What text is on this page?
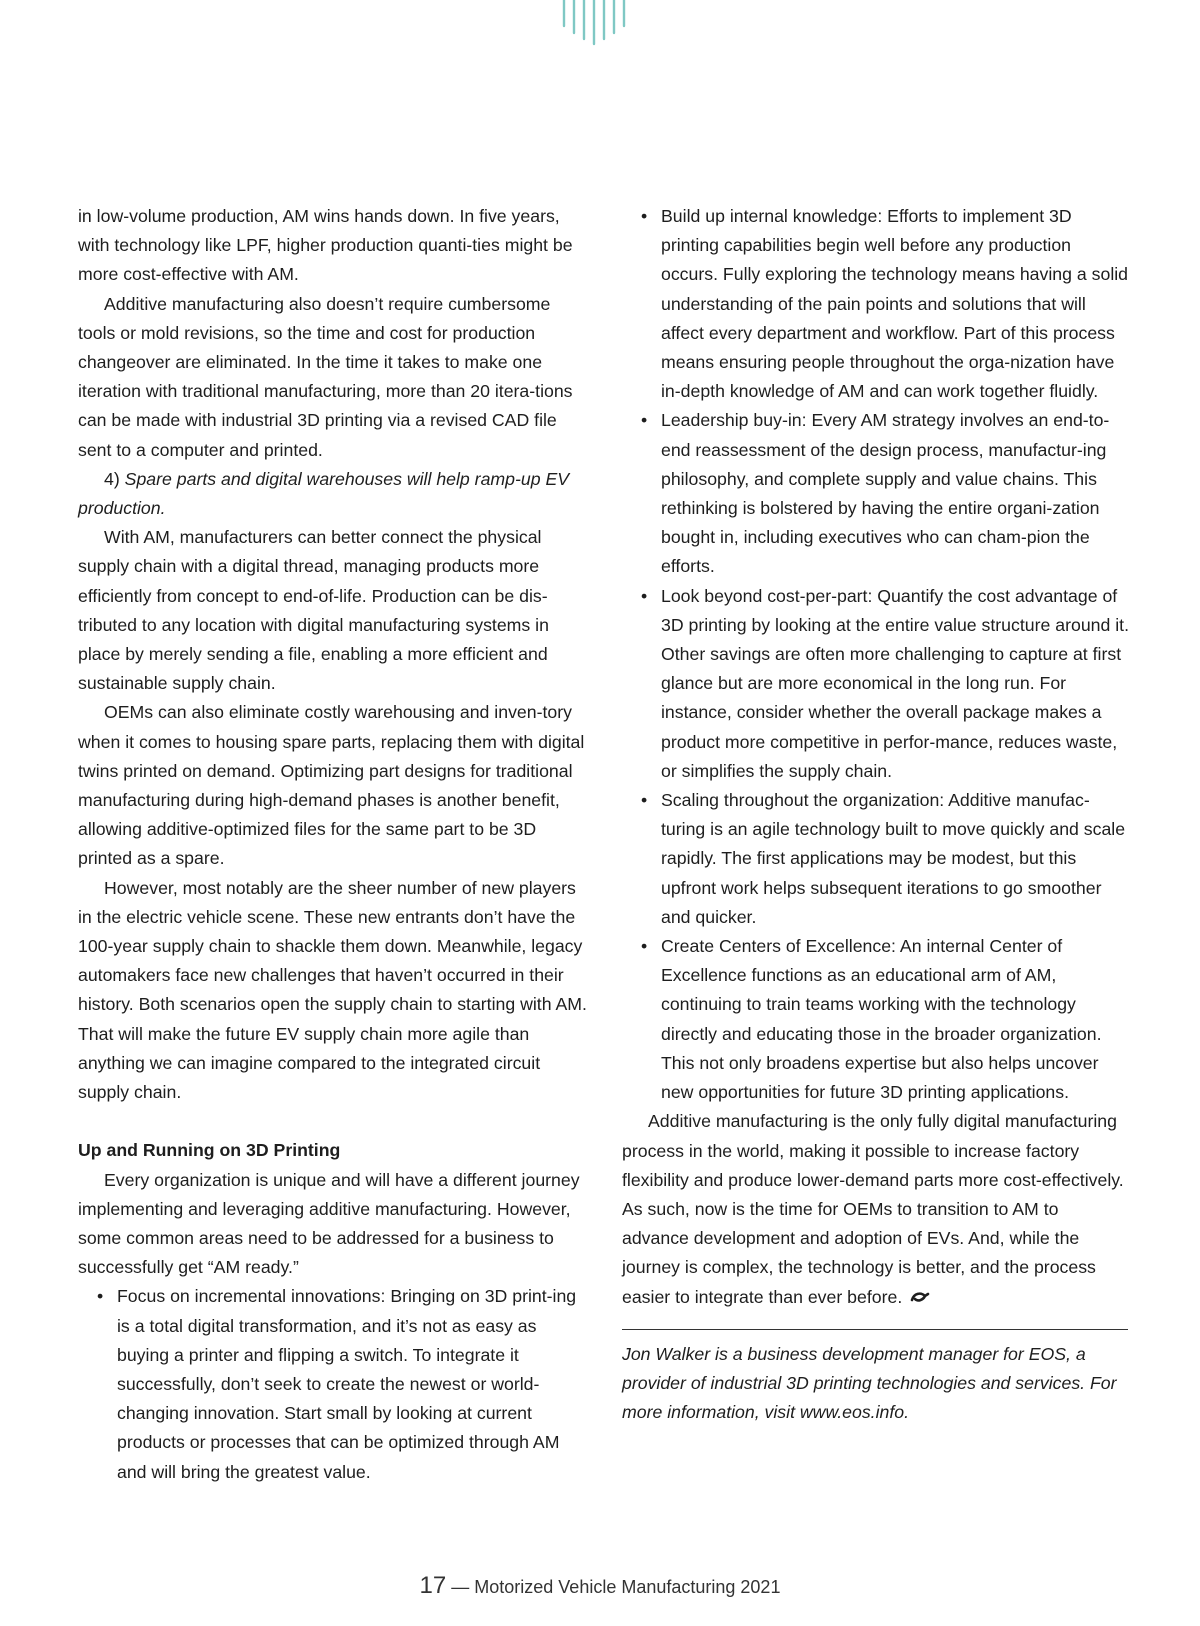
in low-volume production, AM wins hands down. In five years, with technology like LPF, higher production quanti-ties might be more cost-effective with AM.

Additive manufacturing also doesn’t require cumbersome tools or mold revisions, so the time and cost for production changeover are eliminated. In the time it takes to make one iteration with traditional manufacturing, more than 20 itera-tions can be made with industrial 3D printing via a revised CAD file sent to a computer and printed.

4) Spare parts and digital warehouses will help ramp-up EV production.

With AM, manufacturers can better connect the physical supply chain with a digital thread, managing products more efficiently from concept to end-of-life. Production can be dis-tributed to any location with digital manufacturing systems in place by merely sending a file, enabling a more efficient and sustainable supply chain.

OEMs can also eliminate costly warehousing and inven-tory when it comes to housing spare parts, replacing them with digital twins printed on demand. Optimizing part designs for traditional manufacturing during high-demand phases is another benefit, allowing additive-optimized files for the same part to be 3D printed as a spare.

However, most notably are the sheer number of new players in the electric vehicle scene. These new entrants don’t have the 100-year supply chain to shackle them down. Meanwhile, legacy automakers face new challenges that haven’t occurred in their history. Both scenarios open the supply chain to starting with AM. That will make the future EV supply chain more agile than anything we can imagine compared to the integrated circuit supply chain.

Up and Running on 3D Printing

Every organization is unique and will have a different journey implementing and leveraging additive manufacturing. However, some common areas need to be addressed for a business to successfully get “AM ready.”

• Focus on incremental innovations: Bringing on 3D print-ing is a total digital transformation, and it’s not as easy as buying a printer and flipping a switch. To integrate it successfully, don’t seek to create the newest or world-changing innovation. Start small by looking at current products or processes that can be optimized through AM and will bring the greatest value.
• Build up internal knowledge: Efforts to implement 3D printing capabilities begin well before any production occurs. Fully exploring the technology means having a solid understanding of the pain points and solutions that will affect every department and workflow. Part of this process means ensuring people throughout the orga-nization have in-depth knowledge of AM and can work together fluidly.
• Leadership buy-in: Every AM strategy involves an end-to-end reassessment of the design process, manufactur-ing philosophy, and complete supply and value chains. This rethinking is bolstered by having the entire organi-zation bought in, including executives who can cham-pion the efforts.
• Look beyond cost-per-part: Quantify the cost advantage of 3D printing by looking at the entire value structure around it. Other savings are often more challenging to capture at first glance but are more economical in the long run. For instance, consider whether the overall package makes a product more competitive in perfor-mance, reduces waste, or simplifies the supply chain.
• Scaling throughout the organization: Additive manufac-turing is an agile technology built to move quickly and scale rapidly. The first applications may be modest, but this upfront work helps subsequent iterations to go smoother and quicker.
• Create Centers of Excellence: An internal Center of Excellence functions as an educational arm of AM, continuing to train teams working with the technology directly and educating those in the broader organization. This not only broadens expertise but also helps uncover new opportunities for future 3D printing applications.

Additive manufacturing is the only fully digital manufacturing process in the world, making it possible to increase factory flexibility and produce lower-demand parts more cost-effectively. As such, now is the time for OEMs to transition to AM to advance development and adoption of EVs. And, while the journey is complex, the technology is better, and the process easier to integrate than ever before.

Jon Walker is a business development manager for EOS, a provider of industrial 3D printing technologies and services. For more information, visit www.eos.info.

17 — Motorized Vehicle Manufacturing 2021
